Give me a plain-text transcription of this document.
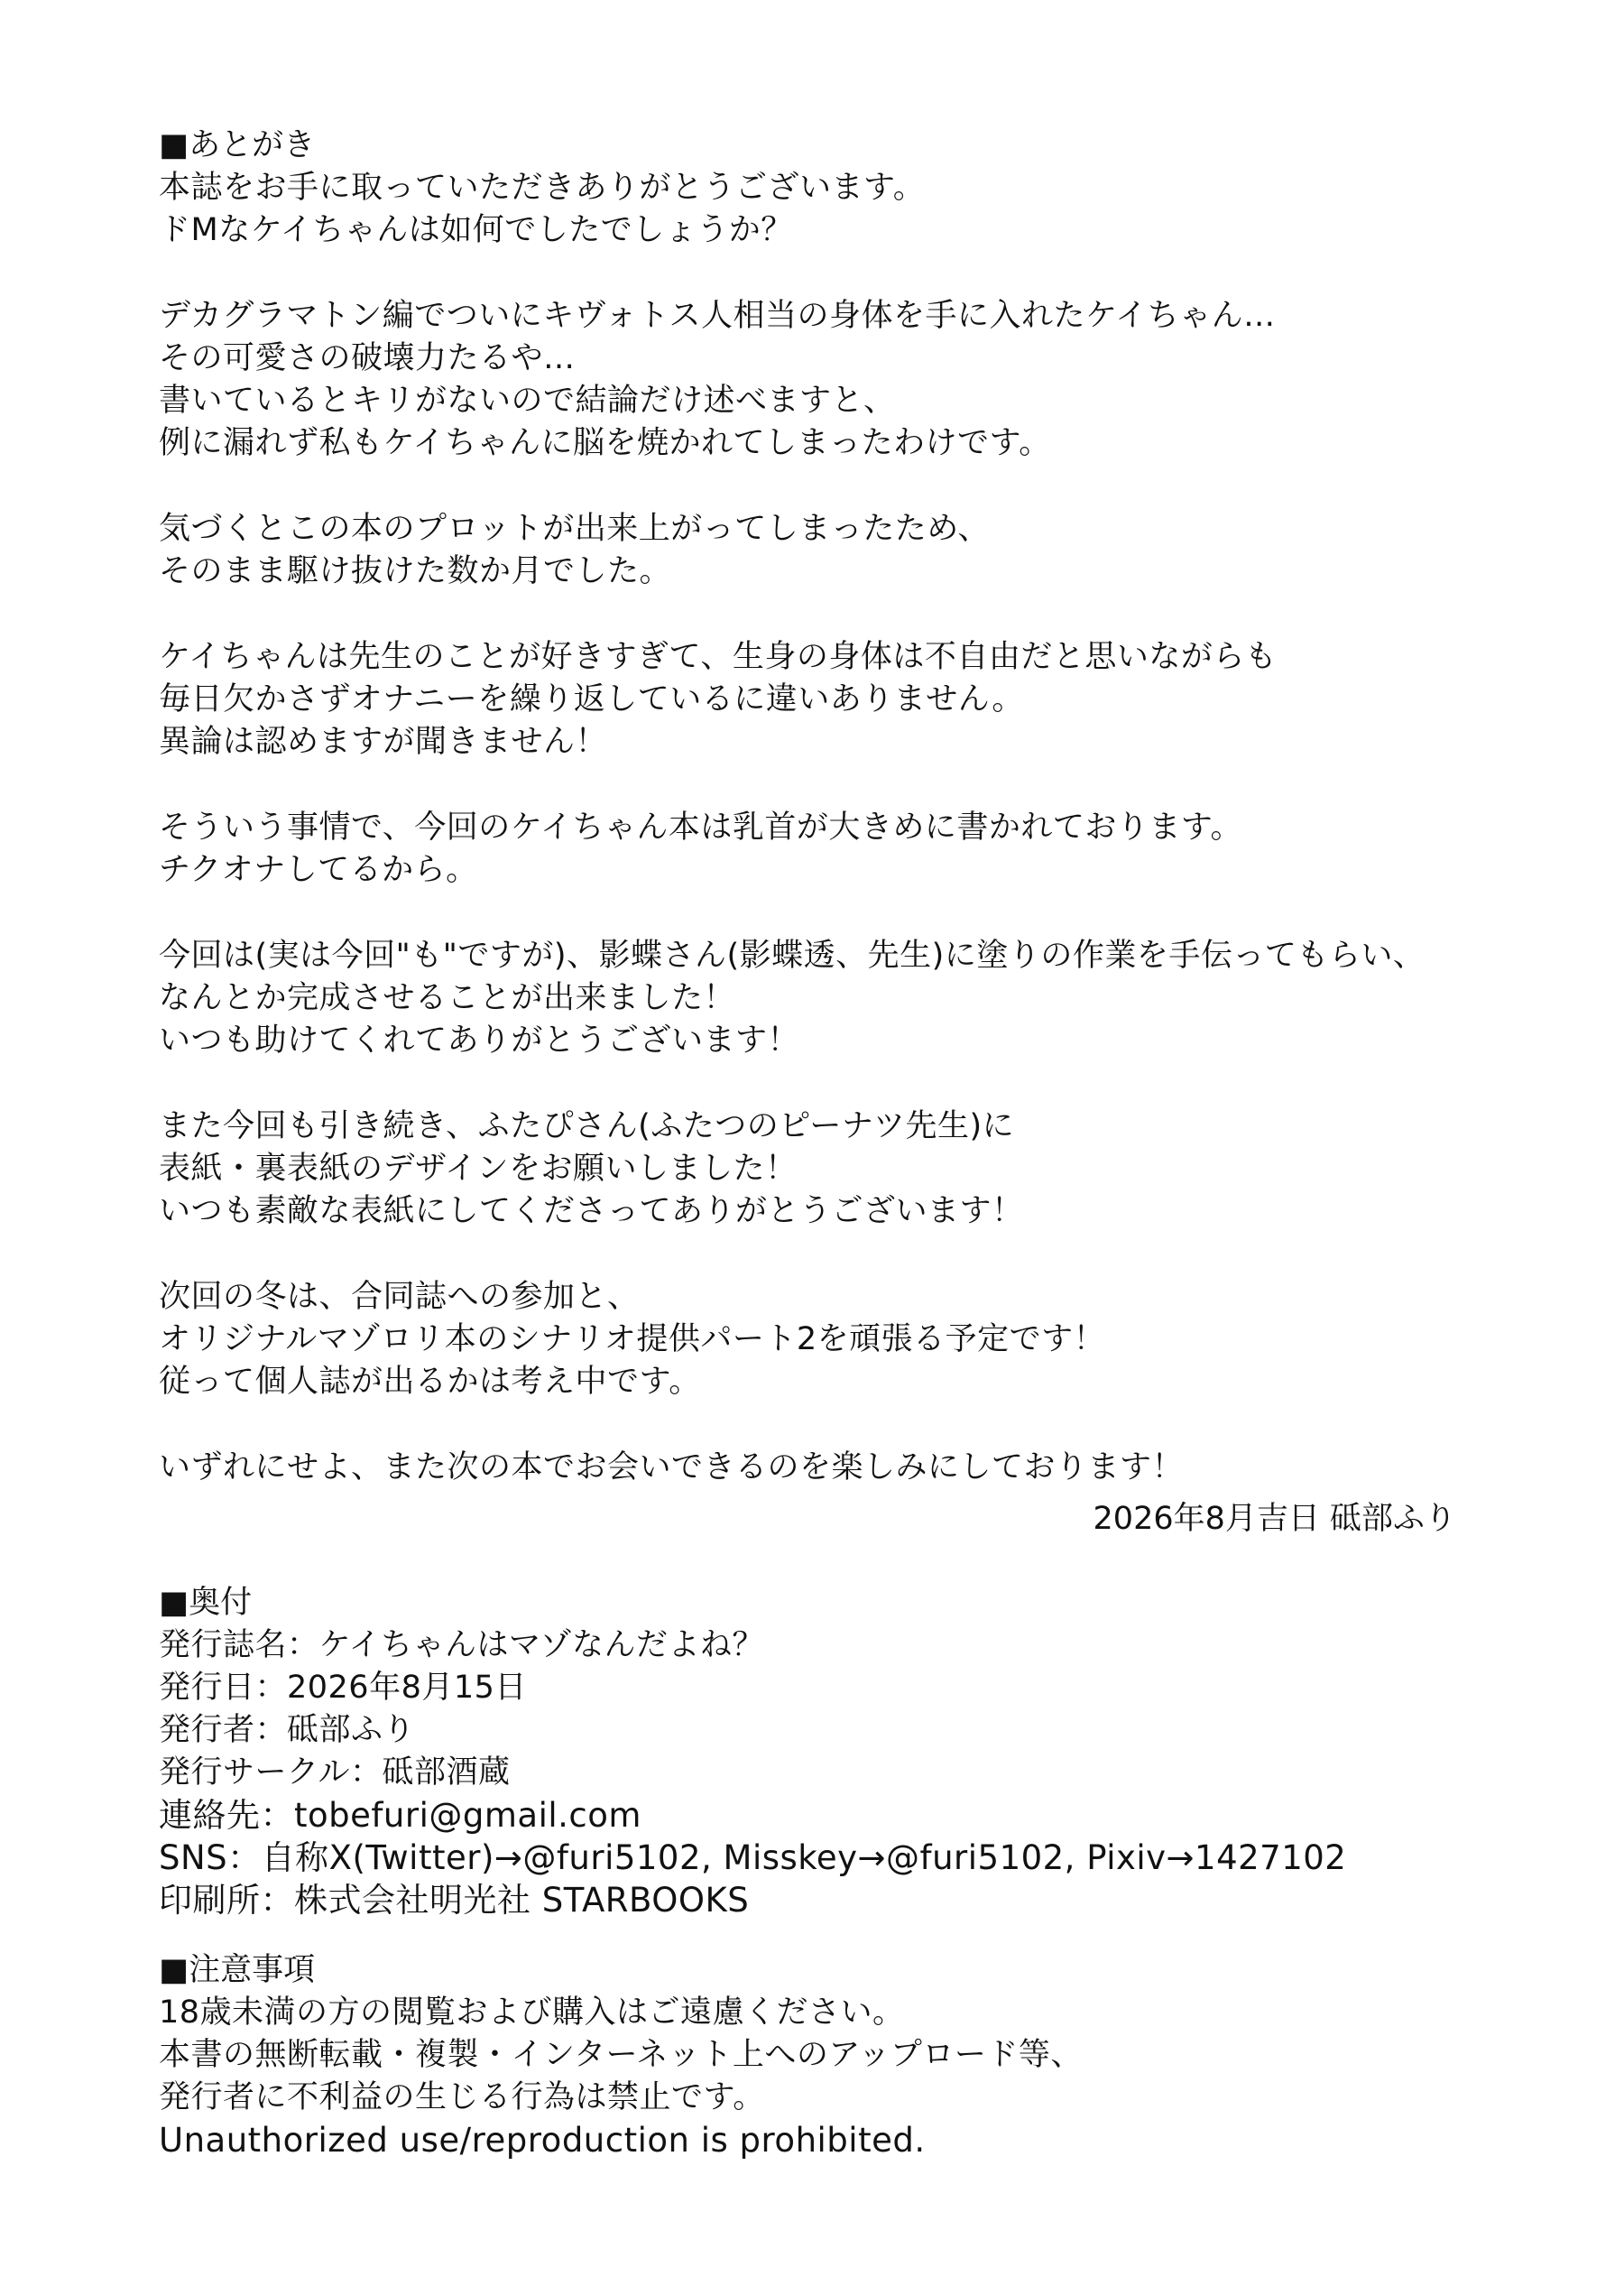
■あとがき
本誌をお手に取っていただきありがとうございます。
ドMなケイちゃんは如何でしたでしょうか？
デカグラマトン編でついにキヴォトス人相当の身体を手に入れたケイちゃん…
その可愛さの破壊力たるや…
書いているとキリがないので結論だけ述べますと、
例に漏れず私もケイちゃんに脳を焼かれてしまったわけです。
気づくとこの本のプロットが出来上がってしまったため、
そのまま駆け抜けた数か月でした。
ケイちゃんは先生のことが好きすぎて、生身の身体は不自由だと思いながらも
毎日欠かさずオナニーを繰り返しているに違いありません。
異論は認めますが聞きません！
そういう事情で、今回のケイちゃん本は乳首が大きめに書かれております。
チクオナしてるから。
今回は(実は今回"も"ですが)、影蝶さん(影蝶透、先生)に塗りの作業を手伝ってもらい、
なんとか完成させることが出来ました！
いつも助けてくれてありがとうございます！
また今回も引き続き、ふたぴさん(ふたつのピーナツ先生)に
表紙・裏表紙のデザインをお願いしました！
いつも素敵な表紙にしてくださってありがとうございます！
次回の冬は、合同誌への参加と、
オリジナルマゾロリ本のシナリオ提供パート2を頑張る予定です！
従って個人誌が出るかは考え中です。
いずれにせよ、また次の本でお会いできるのを楽しみにしております！
2026年8月吉日 砥部ふり
■奥付
発行誌名：ケイちゃんはマゾなんだよね？
発行日：2026年8月15日
発行者：砥部ふり
発行サークル：砥部酒蔵
連絡先：tobefuri@gmail.com
SNS：自称X(Twitter)→@furi5102, Misskey→@furi5102, Pixiv→1427102
印刷所：株式会社明光社 STARBOOKS
■注意事項
18歳未満の方の閲覧および購入はご遠慮ください。
本書の無断転載・複製・インターネット上へのアップロード等、
発行者に不利益の生じる行為は禁止です。
Unauthorized use/reproduction is prohibited.
